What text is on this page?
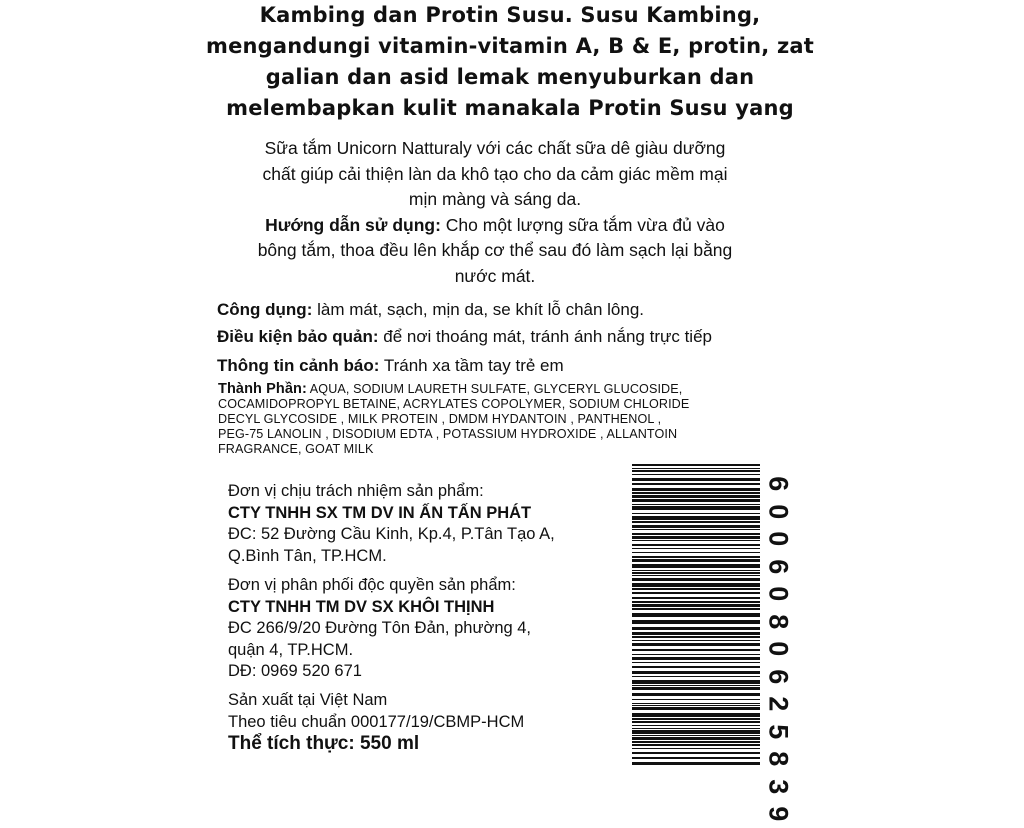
Kambing dan Protin Susu. Susu Kambing,
mengandungi vitamin-vitamin A, B & E, protin, zat
galian dan asid lemak menyuburkan dan
melembapkan kulit manakala Protin Susu yang
Sữa tắm Unicorn Natturaly với các chất sữa dê giàu dưỡng
chất giúp cải thiện làn da khô tạo cho da cảm giác mềm mại
mịn màng và sáng da.
Hướng dẫn sử dụng: Cho một lượng sữa tắm vừa đủ vào
bông tắm, thoa đều lên khắp cơ thể sau đó làm sạch lại bằng
nước mát.
Công dụng: làm mát, sạch, mịn da, se khít lỗ chân lông.
Điều kiện bảo quản: để nơi thoáng mát, tránh ánh nắng trực tiếp
Thông tin cảnh báo: Tránh xa tầm tay trẻ em
Thành Phần: AQUA, SODIUM LAURETH SULFATE, GLYCERYL GLUCOSIDE,
COCAMIDOPROPYL BETAINE, ACRYLATES COPOLYMER, SODIUM CHLORIDE
DECYL GLYCOSIDE , MILK PROTEIN , DMDM HYDANTOIN , PANTHENOL ,
PEG-75 LANOLIN , DISODIUM EDTA , POTASSIUM HYDROXIDE , ALLANTOIN
FRAGRANCE, GOAT MILK
Đơn vị chịu trách nhiệm sản phẩm:
CTY TNHH SX TM DV IN ẤN TẤN PHÁT
ĐC: 52 Đường Cầu Kinh, Kp.4, P.Tân Tạo A,
Q.Bình Tân, TP.HCM.
Đơn vị phân phối độc quyền sản phẩm:
CTY TNHH TM DV SX KHÔI THỊNH
ĐC 266/9/20 Đường Tôn Đản, phường 4,
quận 4, TP.HCM.
DĐ: 0969 520 671
Sản xuất tại Việt Nam
Theo tiêu chuẩn 000177/19/CBMP-HCM
Thể tích thực: 550 ml
6
0
0
6
0
8
0
6
2
5
8
3
9
